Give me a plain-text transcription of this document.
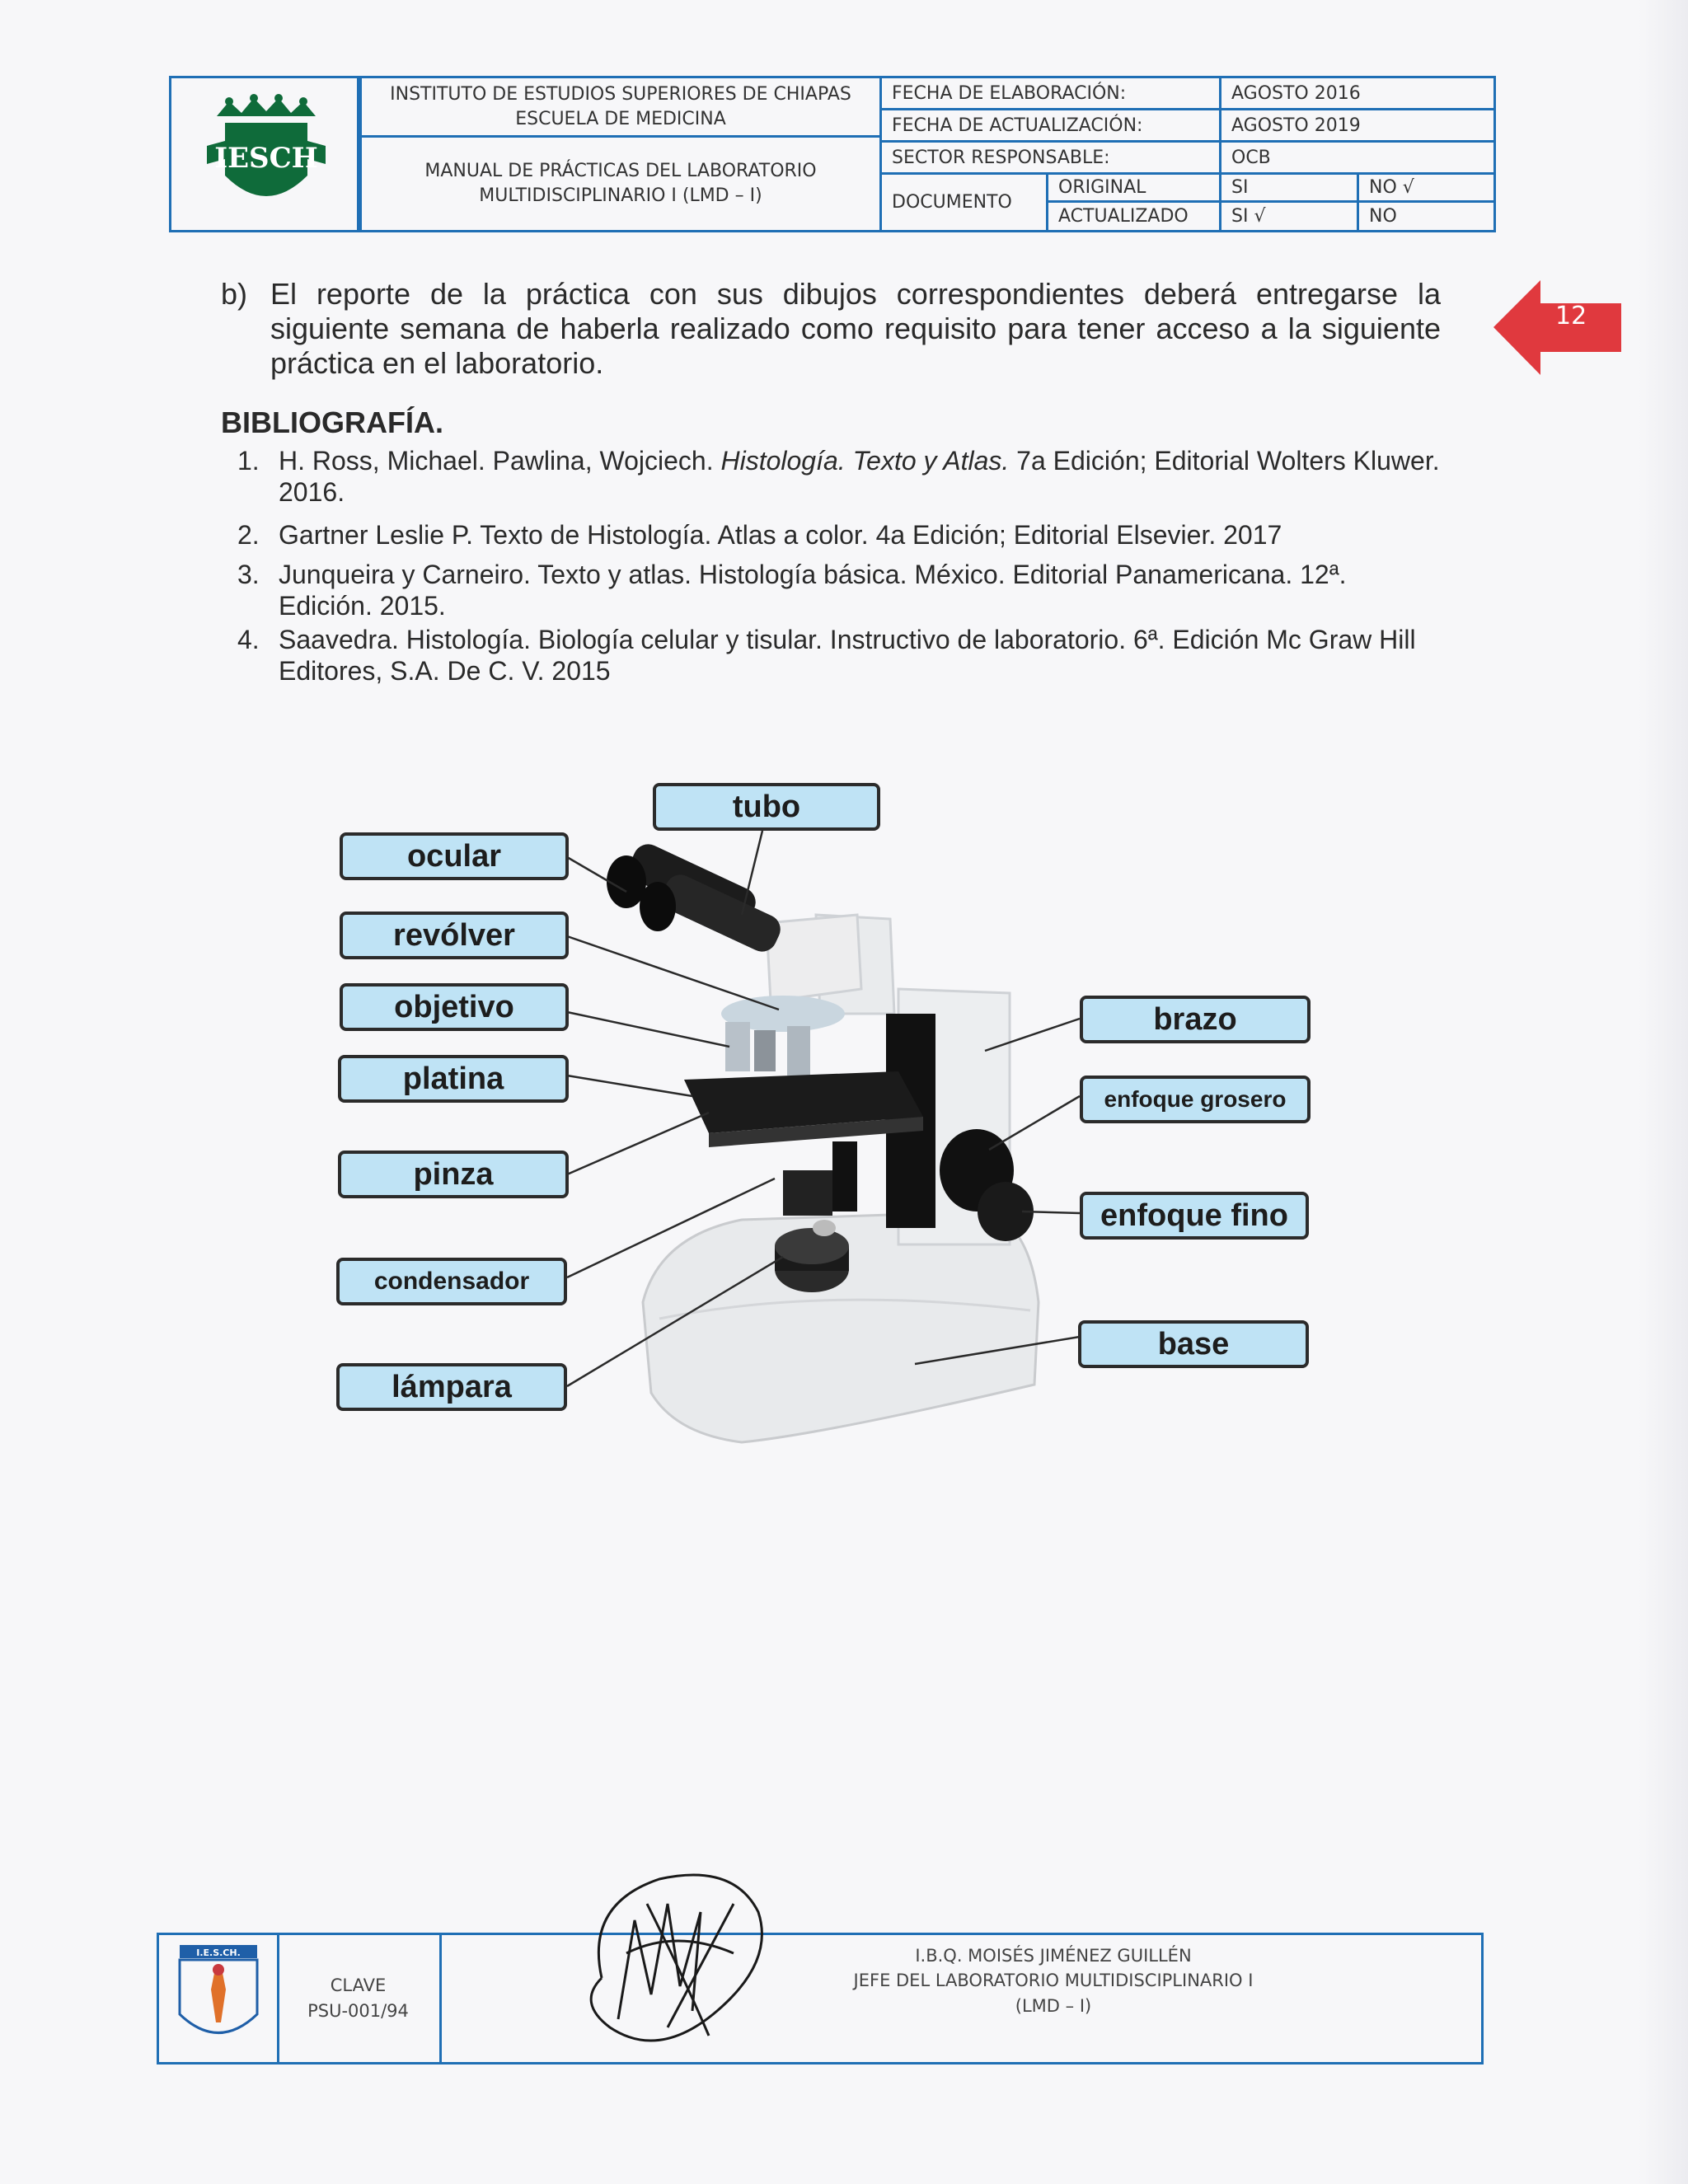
IESCH
INSTITUTO DE ESTUDIOS SUPERIORES DE CHIAPAS
ESCUELA DE MEDICINA
MANUAL DE PRÁCTICAS DEL LABORATORIO
MULTIDISCIPLINARIO I (LMD – I)
FECHA DE ELABORACIÓN:	AGOSTO 2016
FECHA DE ACTUALIZACIÓN:	AGOSTO 2019
SECTOR RESPONSABLE:	OCB
DOCUMENTO
ORIGINAL	SI	NO √
ACTUALIZADO	SI √	NO
12
b) El reporte de la práctica con sus dibujos correspondientes deberá entregarse la siguiente semana de haberla realizado como requisito para tener acceso a la siguiente práctica en el laboratorio.

BIBLIOGRAFÍA.
1. H. Ross, Michael. Pawlina, Wojciech. Histología. Texto y Atlas. 7a Edición; Editorial Wolters Kluwer. 2016.
2. Gartner Leslie P. Texto de Histología. Atlas a color. 4a Edición; Editorial Elsevier. 2017
3. Junqueira y Carneiro. Texto y atlas. Histología básica. México. Editorial Panamericana. 12ª. Edición. 2015.
4. Saavedra. Histología. Biología celular y tisular. Instructivo de laboratorio. 6ª. Edición Mc Graw Hill Editores, S.A. De C. V. 2015
tubo
ocular
revólver
objetivo
platina
pinza
condensador
lámpara
brazo
enfoque grosero
enfoque fino
base
I.E.S.CH.
CLAVE
PSU-001/94
I.B.Q. MOISÉS JIMÉNEZ GUILLÉN
JEFE DEL LABORATORIO MULTIDISCIPLINARIO I
(LMD – I)
